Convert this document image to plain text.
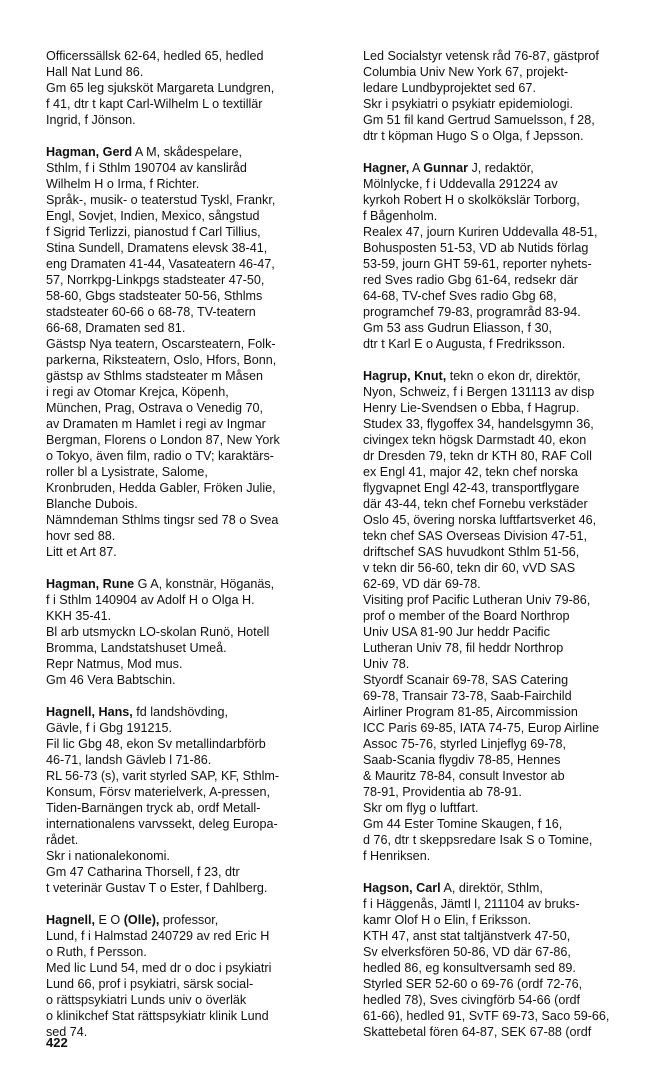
Officerssällsk 62-64, hedled 65, hedled
Hall Nat Lund 86.
Gm 65 leg sjuksköt Margareta Lundgren,
f 41, dtr t kapt Carl-Wilhelm L o textillär
Ingrid, f Jönson.
Hagman, Gerd A M, skådespelare,
Sthlm, f i Sthlm 190704 av kanslіråd
Wilhelm H o Irma, f Richter.
Språk-, musik- o teaterstud Tyskl, Frankr,
Engl, Sovjet, Indien, Mexico, sångstud
f Sigrid Terlizzi, pianostud f Carl Tillius,
Stina Sundell, Dramatens elevsk 38-41,
eng Dramaten 41-44, Vasateatern 46-47,
57, Norrkpg-Linkpgs stadsteater 47-50,
58-60, Gbgs stadsteater 50-56, Sthlms
stadsteater 60-66 o 68-78, TV-teatern
66-68, Dramaten sed 81.
Gästsp Nya teatern, Oscarsteatern, Folk-
parkerna, Riksteatern, Oslo, Hfors, Bonn,
gästsp av Sthlms stadsteater m Måsen
i regi av Otomar Krejca, Köpenh,
München, Prag, Ostrava o Venedig 70,
av Dramaten m Hamlet i regi av Ingmar
Bergman, Florens o London 87, New York
o Tokyo, även film, radio o TV; karaktärs-
roller bl a Lysistrate, Salome,
Kronbruden, Hedda Gabler, Fröken Julie,
Blanche Dubois.
Nämndeman Sthlms tingsr sed 78 o Svea
hovr sed 88.
Litt et Art 87.
Hagman, Rune G A, konstnär, Höganäs,
f i Sthlm 140904 av Adolf H o Olga H.
KKH 35-41.
Bl arb utsmyckn LO-skolan Runö, Hotell
Bromma, Landstatshuset Umeå.
Repr Natmus, Mod mus.
Gm 46 Vera Babtschin.
Hagnell, Hans, fd landshövding,
Gävle, f i Gbg 191215.
Fil lic Gbg 48, ekon Sv metallindarbförb
46-71, landsh Gävleb l 71-86.
RL 56-73 (s), varit styrled SAP, KF, Sthlm-
Konsum, Försv materielverk, A-pressen,
Tiden-Barnängen tryck ab, ordf Metall-
internationalens varvssekt, deleg Europa-
rådet.
Skr i nationalekonomi.
Gm 47 Catharina Thorsell, f 23, dtr
t veterinär Gustav T o Ester, f Dahlberg.
Hagnell, E O (Olle), professor,
Lund, f i Halmstad 240729 av red Eric H
o Ruth, f Persson.
Med lic Lund 54, med dr o doc i psykiatri
Lund 66, prof i psykiatri, särsk social-
o rättspsykiatri Lunds univ o överläk
o klinikchef Stat rättspsykiatr klinik Lund
sed 74.
Led Socialstyr vetensk råd 76-87, gästprof
Columbia Univ New York 67, projekt-
ledare Lundbyprojektet sed 67.
Skr i psykiatri o psykiatr epidemiologi.
Gm 51 fil kand Gertrud Samuelsson, f 28,
dtr t köpman Hugo S o Olga, f Jepsson.
Hagner, A Gunnar J, redaktör,
Mölnlycke, f i Uddevalla 291224 av
kyrkoh Robert H o skolkökslär Torborg,
f Bågenholm.
Realex 47, journ Kuriren Uddevalla 48-51,
Bohusposten 51-53, VD ab Nutids förlag
53-59, journ GHT 59-61, reporter nyhets-
red Sves radio Gbg 61-64, redsekr där
64-68, TV-chef Sves radio Gbg 68,
programchef 79-83, programråd 83-94.
Gm 53 ass Gudrun Eliasson, f 30,
dtr t Karl E o Augusta, f Fredriksson.
Hagrup, Knut, tekn o ekon dr, direktör,
Nyon, Schweiz, f i Bergen 131113 av disp
Henry Lie-Svendsen o Ebba, f Hagrup.
Studex 33, flygoffex 34, handelsgymn 36,
civingex tekn högsk Darmstadt 40, ekon
dr Dresden 79, tekn dr KTH 80, RAF Coll
ex Engl 41, major 42, tekn chef norska
flygvapnet Engl 42-43, transportflygare
där 43-44, tekn chef Fornebu verkstäder
Oslo 45, övering norska luftfartsverket 46,
tekn chef SAS Overseas Division 47-51,
driftschef SAS huvudkont Sthlm 51-56,
v tekn dir 56-60, tekn dir 60, vVD SAS
62-69, VD där 69-78.
Visiting prof Pacific Lutheran Univ 79-86,
prof o member of the Board Northrop
Univ USA 81-90 Jur heddr Pacific
Lutheran Univ 78, fil heddr Northrop
Univ 78.
Styordf Scanair 69-78, SAS Catering
69-78, Transair 73-78, Saab-Fairchild
Airliner Program 81-85, Aircommission
ICC Paris 69-85, IATA 74-75, Europ Airline
Assoc 75-76, styrled Linjeflyg 69-78,
Saab-Scania flygdiv 78-85, Hennes
& Mauritz 78-84, consult Investor ab
78-91, Providentia ab 78-91.
Skr om flyg o luftfart.
Gm 44 Ester Tomine Skaugen, f 16,
d 76, dtr t skeppsredare Isak S o Tomine,
f Henriksen.
Hagson, Carl A, direktör, Sthlm,
f i Häggenås, Jämtl l, 211104 av bruks-
kamr Olof H o Elin, f Eriksson.
KTH 47, anst stat taltjänstverk 47-50,
Sv elverksfören 50-86, VD där 67-86,
hedled 86, eg konsultversamh sed 89.
Styrled SER 52-60 o 69-76 (ordf 72-76,
hedled 78), Sves civingförb 54-66 (ordf
61-66), hedled 91, SvTF 69-73, Saco 59-66,
Skattebetal fören 64-87, SEK 67-88 (ordf
422
